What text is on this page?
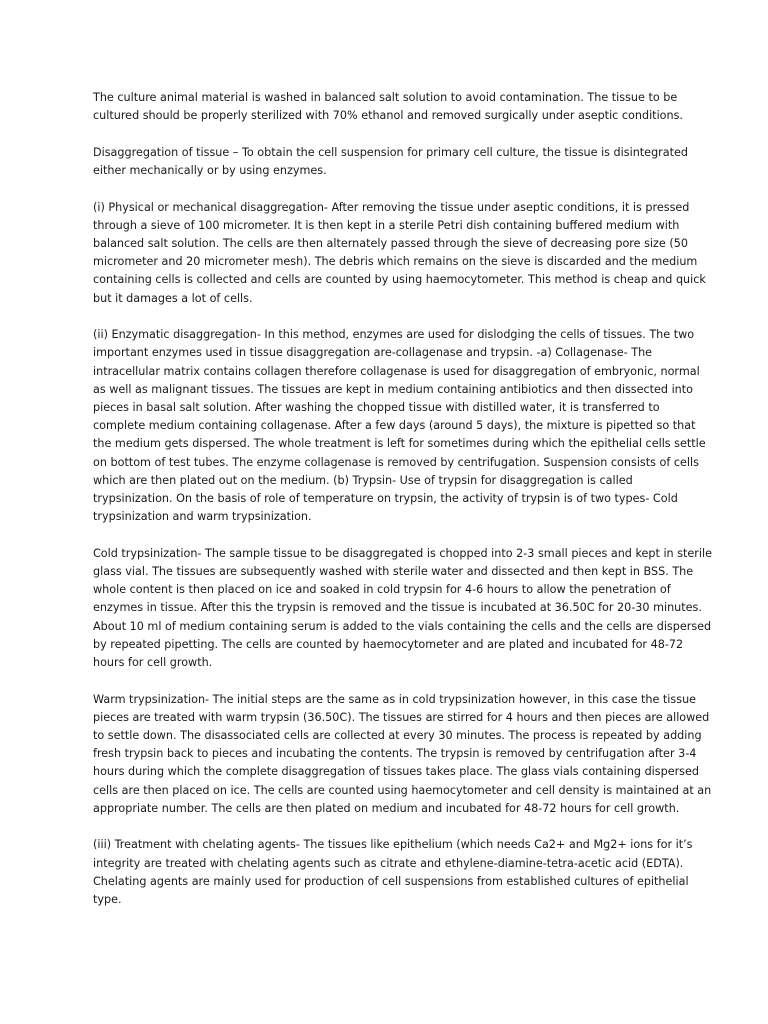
The culture animal material is washed in balanced salt solution to avoid contamination. The tissue to be cultured should be properly sterilized with 70% ethanol and removed surgically under aseptic conditions.

Disaggregation of tissue – To obtain the cell suspension for primary cell culture, the tissue is disintegrated either mechanically or by using enzymes.

(i) Physical or mechanical disaggregation- After removing the tissue under aseptic conditions, it is pressed through a sieve of 100 micrometer. It is then kept in a sterile Petri dish containing buffered medium with balanced salt solution. The cells are then alternately passed through the sieve of decreasing pore size (50 micrometer and 20 micrometer mesh). The debris which remains on the sieve is discarded and the medium containing cells is collected and cells are counted by using haemocytometer. This method is cheap and quick but it damages a lot of cells.

(ii) Enzymatic disaggregation- In this method, enzymes are used for dislodging the cells of tissues. The two important enzymes used in tissue disaggregation are-collagenase and trypsin. -a) Collagenase- The intracellular matrix contains collagen therefore collagenase is used for disaggregation of embryonic, normal as well as malignant tissues. The tissues are kept in medium containing antibiotics and then dissected into pieces in basal salt solution. After washing the chopped tissue with distilled water, it is transferred to complete medium containing collagenase. After a few days (around 5 days), the mixture is pipetted so that the medium gets dispersed. The whole treatment is left for sometimes during which the epithelial cells settle on bottom of test tubes. The enzyme collagenase is removed by centrifugation. Suspension consists of cells which are then plated out on the medium. (b) Trypsin- Use of trypsin for disaggregation is called trypsinization. On the basis of role of temperature on trypsin, the activity of trypsin is of two types- Cold trypsinization and warm trypsinization.

Cold trypsinization- The sample tissue to be disaggregated is chopped into 2-3 small pieces and kept in sterile glass vial. The tissues are subsequently washed with sterile water and dissected and then kept in BSS. The whole content is then placed on ice and soaked in cold trypsin for 4-6 hours to allow the penetration of enzymes in tissue. After this the trypsin is removed and the tissue is incubated at 36.50C for 20-30 minutes. About 10 ml of medium containing serum is added to the vials containing the cells and the cells are dispersed by repeated pipetting. The cells are counted by haemocytometer and are plated and incubated for 48-72 hours for cell growth.

Warm trypsinization- The initial steps are the same as in cold trypsinization however, in this case the tissue pieces are treated with warm trypsin (36.50C). The tissues are stirred for 4 hours and then pieces are allowed to settle down. The disassociated cells are collected at every 30 minutes. The process is repeated by adding fresh trypsin back to pieces and incubating the contents. The trypsin is removed by centrifugation after 3-4 hours during which the complete disaggregation of tissues takes place. The glass vials containing dispersed cells are then placed on ice. The cells are counted using haemocytometer and cell density is maintained at an appropriate number. The cells are then plated on medium and incubated for 48-72 hours for cell growth.

(iii) Treatment with chelating agents- The tissues like epithelium (which needs Ca2+ and Mg2+ ions for it’s integrity are treated with chelating agents such as citrate and ethylene-diamine-tetra-acetic acid (EDTA). Chelating agents are mainly used for production of cell suspensions from established cultures of epithelial type.
